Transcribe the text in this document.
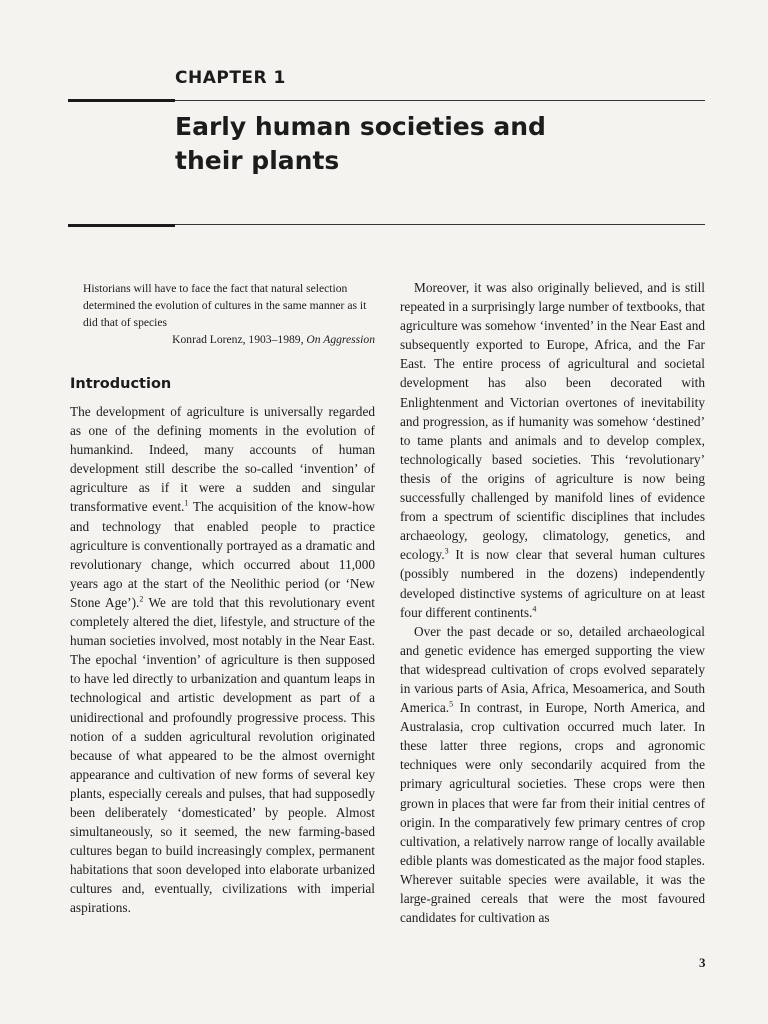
CHAPTER 1
Early human societies and
their plants

Historians will have to face the fact that natural selection determined the evolution of cultures in the same manner as it did that of species

Konrad Lorenz, 1903–1989, On Aggression

Introduction

The development of agriculture is universally regarded as one of the defining moments in the evolution of humankind. Indeed, many accounts of human development still describe the so-called ‘invention’ of agriculture as if it were a sudden and singular transformative event.$^1$ The acquisition of the know-how and technology that enabled people to practice agriculture is conventionally portrayed as a dramatic and revolutionary change, which occurred about 11,000 years ago at the start of the Neolithic period (or ‘New Stone Age’).$^2$ We are told that this revolutionary event completely altered the diet, lifestyle, and structure of the human societies involved, most notably in the Near East. The epochal ‘invention’ of agriculture is then supposed to have led directly to urbanization and quantum leaps in technological and artistic development as part of a unidirectional and profoundly progressive process. This notion of a sudden agricultural revolution originated because of what appeared to be the almost overnight appearance and cultivation of new forms of several key plants, especially cereals and pulses, that had supposedly been deliberately ‘domesticated’ by people. Almost simultaneously, so it seemed, the new farming-based cultures began to build increasingly complex, permanent habitations that soon developed into elaborate urbanized cultures and, eventually, civilizations with imperial aspirations.

Moreover, it was also originally believed, and is still repeated in a surprisingly large number of textbooks, that agriculture was somehow ‘invented’ in the Near East and subsequently exported to Europe, Africa, and the Far East. The entire process of agricultural and societal development has also been decorated with Enlightenment and Victorian overtones of inevitability and progression, as if humanity was somehow ‘destined’ to tame plants and animals and to develop complex, technologically based societies. This ‘revolutionary’ thesis of the origins of agriculture is now being successfully challenged by manifold lines of evidence from a spectrum of scientific disciplines that includes archaeology, geology, climatology, genetics, and ecology.$^3$ It is now clear that several human cultures (possibly numbered in the dozens) independently developed distinctive systems of agriculture on at least four different continents.$^4$

Over the past decade or so, detailed archaeological and genetic evidence has emerged supporting the view that widespread cultivation of crops evolved separately in various parts of Asia, Africa, Mesoamerica, and South America.$^5$ In contrast, in Europe, North America, and Australasia, crop cultivation occurred much later. In these latter three regions, crops and agronomic techniques were only secondarily acquired from the primary agricultural societies. These crops were then grown in places that were far from their initial centres of origin. In the comparatively few primary centres of crop cultivation, a relatively narrow range of locally available edible plants was domesticated as the major food staples. Wherever suitable species were available, it was the large-grained cereals that were the most favoured candidates for cultivation as

3
